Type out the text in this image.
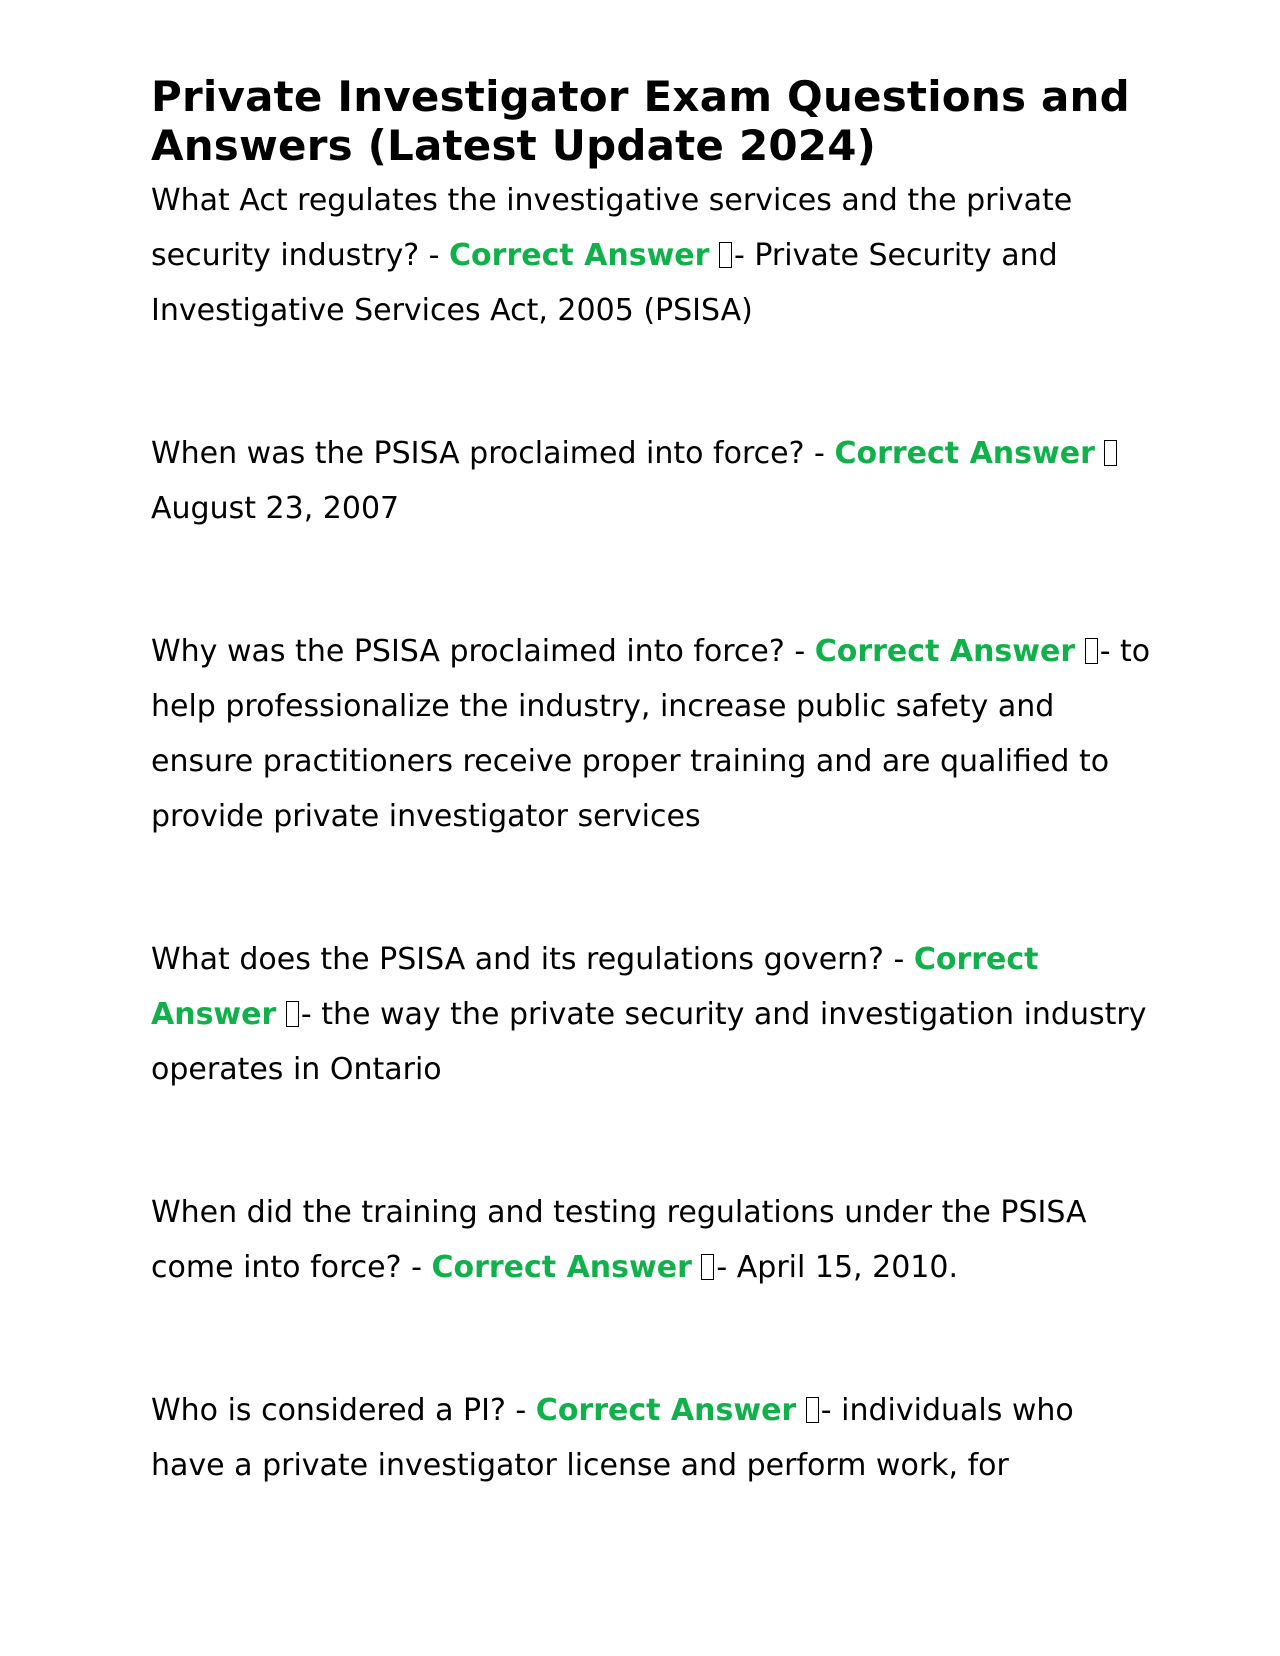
Private Investigator Exam Questions and Answers (Latest Update 2024)

What Act regulates the investigative services and the private security industry? - Correct Answer - Private Security and Investigative Services Act, 2005 (PSISA)

When was the PSISA proclaimed into force? - Correct Answer August 23, 2007

Why was the PSISA proclaimed into force? - Correct Answer - to help professionalize the industry, increase public safety and ensure practitioners receive proper training and are qualified to provide private investigator services

What does the PSISA and its regulations govern? - Correct Answer - the way the private security and investigation industry operates in Ontario

When did the training and testing regulations under the PSISA come into force? - Correct Answer - April 15, 2010.

Who is considered a PI? - Correct Answer - individuals who have a private investigator license and perform work, for
